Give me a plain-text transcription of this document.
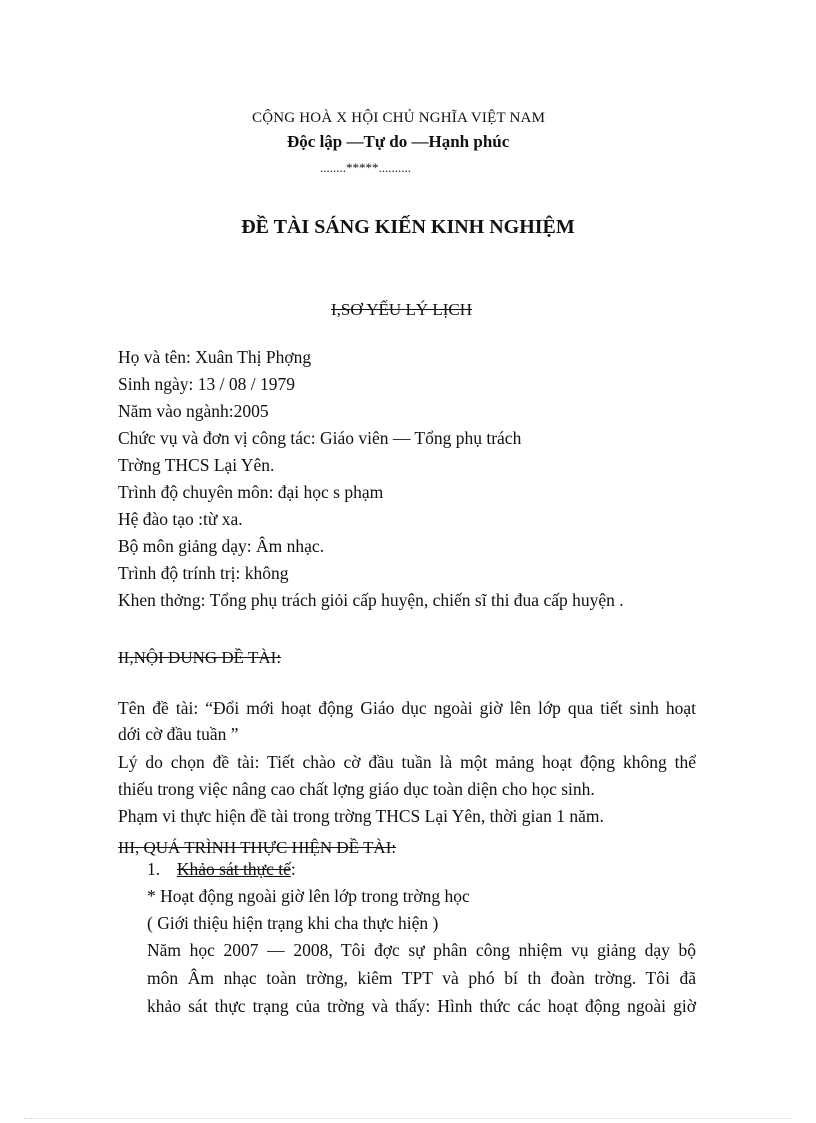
CỘNG HOÀ X HỘI CHỦ NGHĨA VIỆT NAM
Độc lập —Tự do —Hạnh phúc
........*****..........
ĐỀ TÀI SÁNG KIẾN KINH NGHIỆM
I,SƠ YẾU LÝ LỊCH
Họ và tên: Xuân Thị Phợng
Sinh ngày: 13 / 08 / 1979
Năm vào ngành:2005
Chức vụ và đơn vị công tác: Giáo viên — Tổng phụ trách
Trờng THCS Lại Yên.
Trình độ chuyên môn: đại học s phạm
Hệ đào tạo :từ xa.
Bộ môn giảng dạy: Âm nhạc.
Trình độ trính trị: không
Khen thởng: Tổng phụ trách giỏi cấp huyện, chiến sĩ thi đua cấp huyện .
II,NỘI DUNG ĐỀ TÀI:
Tên đề tài: “Đổi mới hoạt động Giáo dục ngoài giờ lên lớp qua tiết sinh hoạt
dới cờ đầu tuần ”
Lý do chọn đề tài: Tiết chào cờ đầu tuần là một mảng hoạt động không thể
thiếu trong việc nâng cao chất lợng giáo dục toàn diện cho học sinh.
Phạm vi thực hiện đề tài trong trờng THCS Lại Yên, thời gian 1 năm.
III, QUÁ TRÌNH THỰC HIỆN ĐỀ TÀI:
1. Khảo sát thực tế:
* Hoạt động ngoài giờ lên lớp trong trờng học
( Giới thiệu hiện trạng khi cha thực hiện )
Năm học 2007 — 2008, Tôi đợc sự phân công nhiệm vụ giảng dạy bộ
môn Âm nhạc toàn trờng, kiêm TPT và phó bí th đoàn trờng. Tôi đã
khảo sát thực trạng của trờng và thấy: Hình thức các hoạt động ngoài giờ
